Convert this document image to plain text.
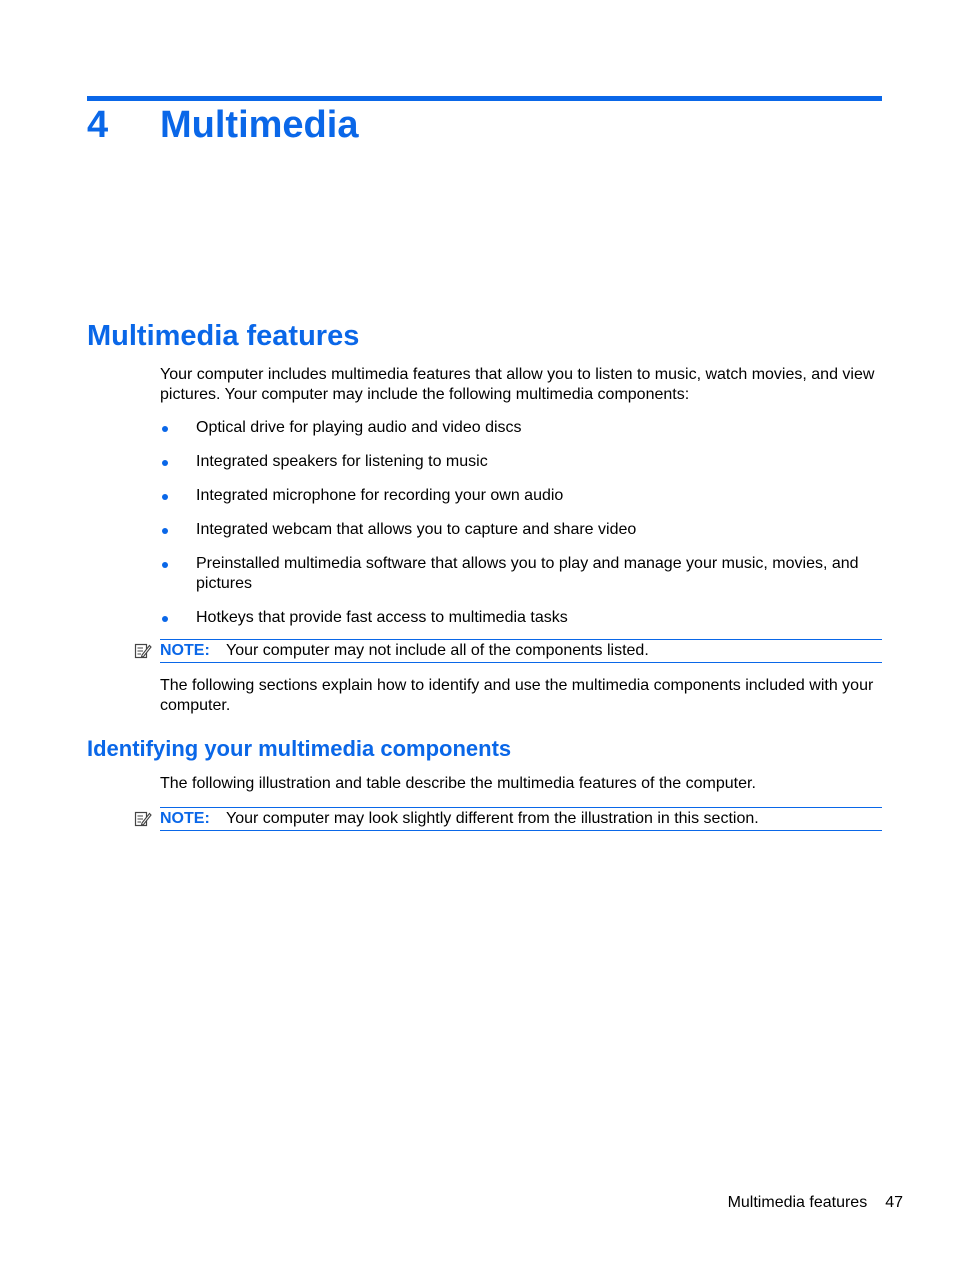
4 Multimedia
Multimedia features
Your computer includes multimedia features that allow you to listen to music, watch movies, and view pictures. Your computer may include the following multimedia components:
Optical drive for playing audio and video discs
Integrated speakers for listening to music
Integrated microphone for recording your own audio
Integrated webcam that allows you to capture and share video
Preinstalled multimedia software that allows you to play and manage your music, movies, and pictures
Hotkeys that provide fast access to multimedia tasks
NOTE: Your computer may not include all of the components listed.
The following sections explain how to identify and use the multimedia components included with your computer.
Identifying your multimedia components
The following illustration and table describe the multimedia features of the computer.
NOTE: Your computer may look slightly different from the illustration in this section.
Multimedia features 47
